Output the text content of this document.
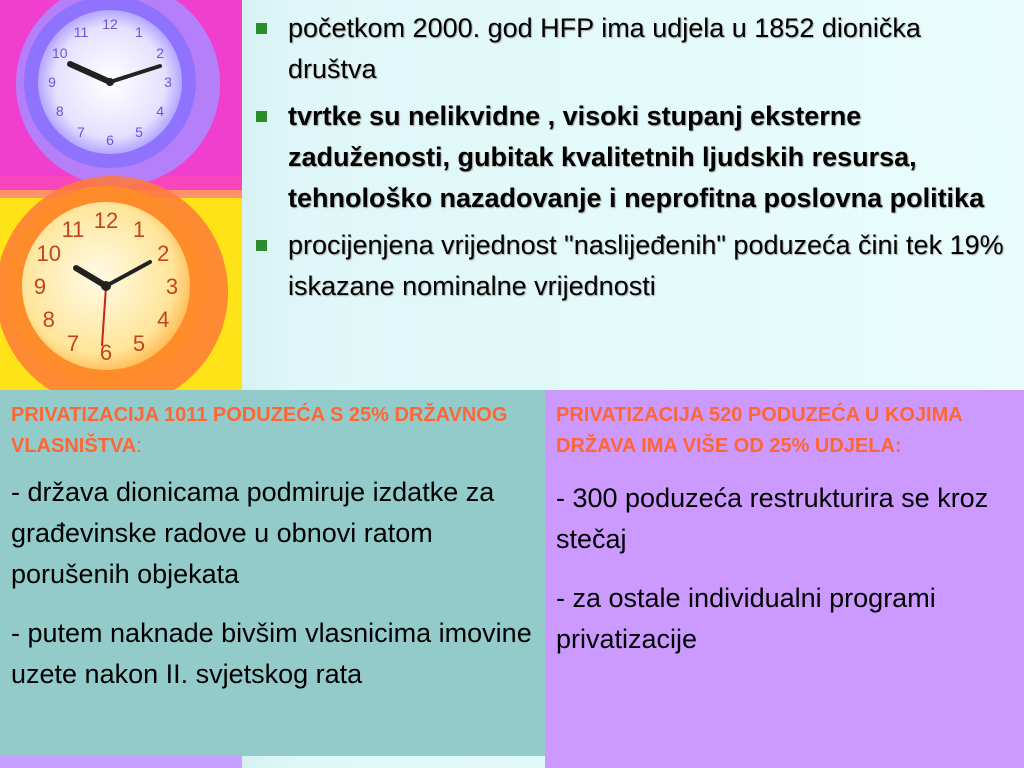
12 1
2
3
4
5
6
7
8
9
10
11
12 1
2
3
4
5
6
7
8
9
10
11
početkom 2000. god HFP ima udjela u 1852 dionička društva
tvrtke su nelikvidne , visoki stupanj eksterne zaduženosti, gubitak kvalitetnih ljudskih resursa, tehnološko nazadovanje i neprofitna poslovna politika
procijenjena vrijednost "naslijeđenih" poduzeća čini tek 19% iskazane nominalne vrijednosti
PRIVATIZACIJA 1011 PODUZEĆA S 25% DRŽAVNOG VLASNIŠTVA:
- država dionicama podmiruje izdatke za građevinske radove u obnovi ratom porušenih objekata
- putem naknade bivšim vlasnicima imovine uzete nakon II. svjetskog rata
PRIVATIZACIJA 520 PODUZEĆA U KOJIMA DRŽAVA IMA VIŠE OD 25% UDJELA:
- 300 poduzeća restrukturira se kroz stečaj
- za ostale individualni programi privatizacije
